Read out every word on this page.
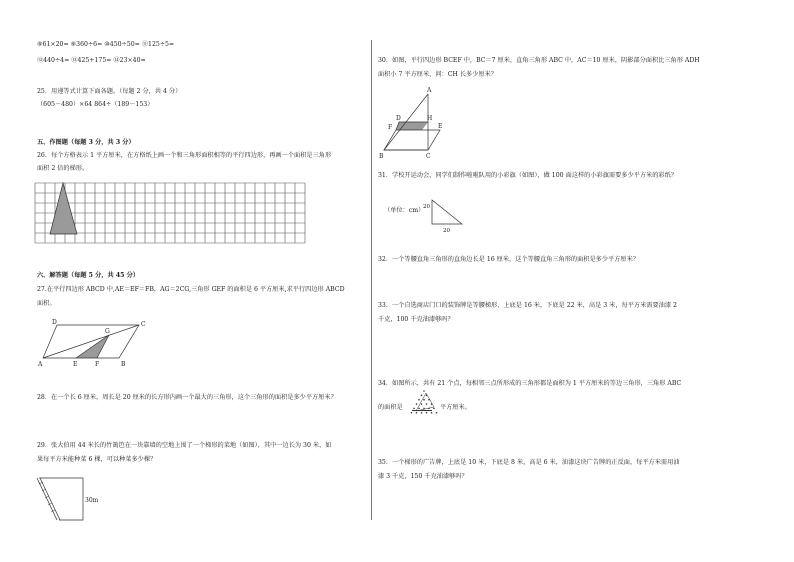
⑧61×20= ⑨360÷6= ⑩450÷50= ⑪125÷5=
⑫440÷4= ⑬425+175= ⑭23×40=
25．用递等式计算下面各题。（每题 2 分，共 4 分）
（605－480）×64 864÷（189－153）
五、作图题（每题 3 分，共 3 分）
26．每个方格表示 1 平方厘米，在方格纸上画一个和三角形面积相等的平行四边形，再画一个面积是三角形
面积 2 倍的梯形。
六、解答题（每题 5 分，共 45 分）
27.在平行四边形 ABCD 中,AE＝EF＝FB，AG＝2CG,三角形 GEF 的面积是 6 平方厘米,求平行四边形 ABCD
面积。
A	B
C
D
E	F
G
28．在一个长 6 厘米，周长是 20 厘米的长方形内画一个最大的三角形，这个三角形的面积是多少平方厘米？
29．张大伯用 44 米长的竹篱笆在一块靠墙的空地上围了一个梯形的菜地（如图），其中一边长为 30 米，如
果每平方米能种菜 6 棵，可以种菜多少棵？
30m
30．如图，平行四边形 BCEF 中，BC＝7 厘米，直角三角形 ABC 中，AC＝10 厘米，阴影部分面积比三角形 ADH
面积小 7 平方厘米，问：CH 长多少厘米？
A
B	C
D
E
F
H
31．学校开运动会，同学们制作啦啦队用的小彩旗（如图），做 100 面这样的小彩旗需要多少平方米的彩纸？
（单位：cm）
20
20
32．一个等腰直角三角形的直角边长是 16 厘米，这个等腰直角三角形的面积是多少平方厘米？
33．一个自选商店门口的装饰牌是等腰梯形，上底是 16 米，下底是 22 米，高是 3 米，每平方米需要油漆 2
千克，100 千克油漆够吗？
34．如图所示，共有 21 个点，每相邻三点所形成的三角形都是面积为 1 平方厘米的等边三角形，三角形 ABC
的面积是	平方厘米。
35．一个梯形的广告牌，上底是 10 米，下底是 8 米，高是 6 米，油漆这块广告牌的正反面，每平方米需用油
漆 3 千克，150 千克油漆够吗？
